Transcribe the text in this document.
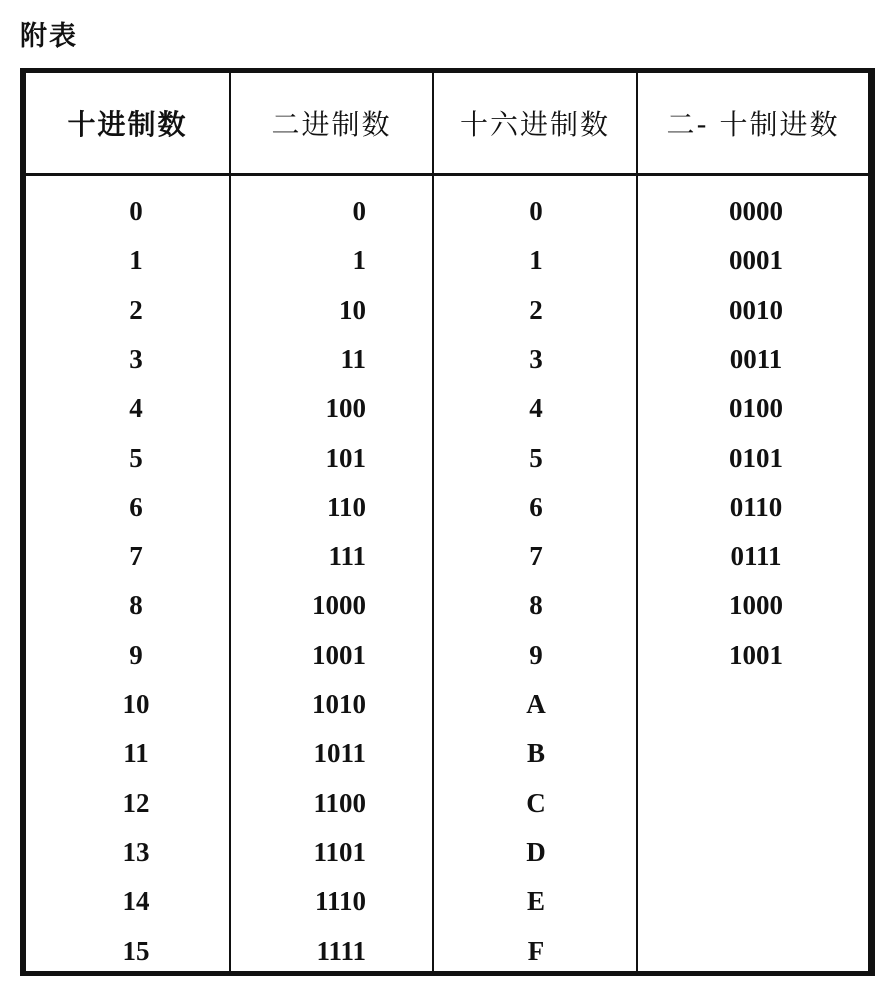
附表
十进制数	二进制数	十六进制数	二- 十制进数
0	0	0	0000
1	1	1	0001
2	10	2	0010
3	11	3	0011
4	100	4	0100
5	101	5	0101
6	110	6	0110
7	111	7	0111
8	1000	8	1000
9	1001	9	1001
10	1010	A
11	1011	B
12	1100	C
13	1101	D
14	1110	E
15	1111	F
